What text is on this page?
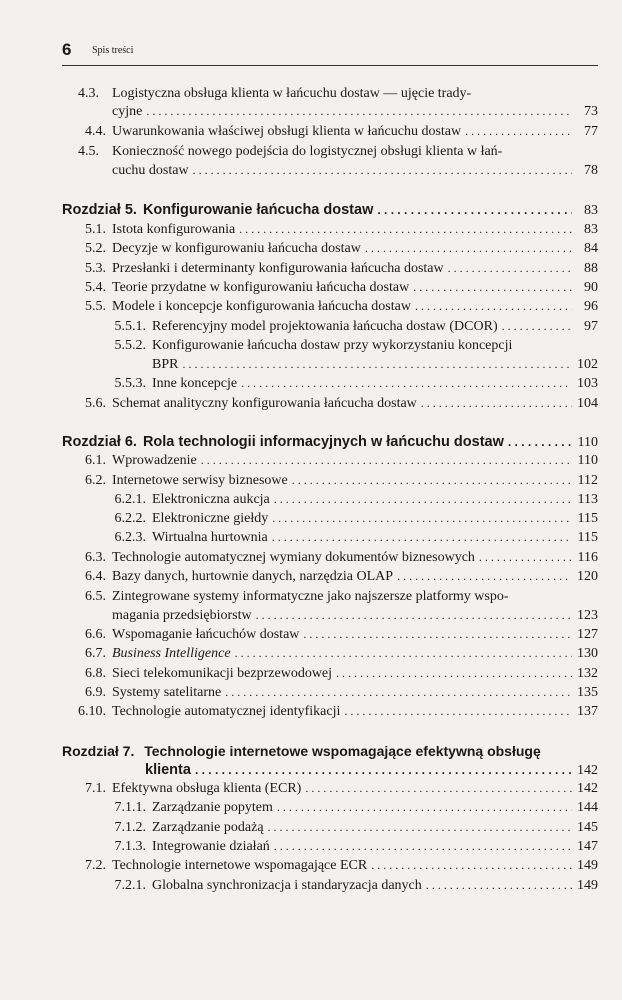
6 Spis treści
4.3. Logistyczna obsługa klienta w łańcuchu dostaw — ujęcie trady-
cyjne . . .	73
4.4. Uwarunkowania właściwej obsługi klienta w łańcuchu dostaw . . .	77
4.5. Konieczność nowego podejścia do logistycznej obsługi klienta w łań-
cuchu dostaw . . .	78
Rozdział 5. Konfigurowanie łańcucha dostaw . . .	83
5.1. Istota konfigurowania . . .	83
5.2. Decyzje w konfigurowaniu łańcucha dostaw . . .	84
5.3. Przesłanki i determinanty konfigurowania łańcucha dostaw . . .	88
5.4. Teorie przydatne w konfigurowaniu łańcucha dostaw . . .	90
5.5. Modele i koncepcje konfigurowania łańcucha dostaw . . .	96
5.5.1. Referencyjny model projektowania łańcucha dostaw (DCOR) . . .	97
5.5.2. Konfigurowanie łańcucha dostaw przy wykorzystaniu koncepcji
BPR . . .	102
5.5.3. Inne koncepcje . . .	103
5.6. Schemat analityczny konfigurowania łańcucha dostaw . . .	104
Rozdział 6. Rola technologii informacyjnych w łańcuchu dostaw . . .	110
6.1. Wprowadzenie . . .	110
6.2. Internetowe serwisy biznesowe . . .	112
6.2.1. Elektroniczna aukcja . . .	113
6.2.2. Elektroniczne giełdy . . .	115
6.2.3. Wirtualna hurtownia . . .	115
6.3. Technologie automatycznej wymiany dokumentów biznesowych . . .	116
6.4. Bazy danych, hurtownie danych, narzędzia OLAP . . .	120
6.5. Zintegrowane systemy informatyczne jako najszersze platformy wspo-
magania przedsiębiorstw . . .	123
6.6. Wspomaganie łańcuchów dostaw . . .	127
6.7. Business Intelligence . . .	130
6.8. Sieci telekomunikacji bezprzewodowej . . .	132
6.9. Systemy satelitarne . . .	135
6.10. Technologie automatycznej identyfikacji . . .	137
Rozdział 7. Technologie internetowe wspomagające efektywną obsługę
klienta . . .	142
7.1. Efektywna obsługa klienta (ECR) . . .	142
7.1.1. Zarządzanie popytem . . .	144
7.1.2. Zarządzanie podażą . . .	145
7.1.3. Integrowanie działań . . .	147
7.2. Technologie internetowe wspomagające ECR . . .	149
7.2.1. Globalna synchronizacja i standaryzacja danych . . .	149
